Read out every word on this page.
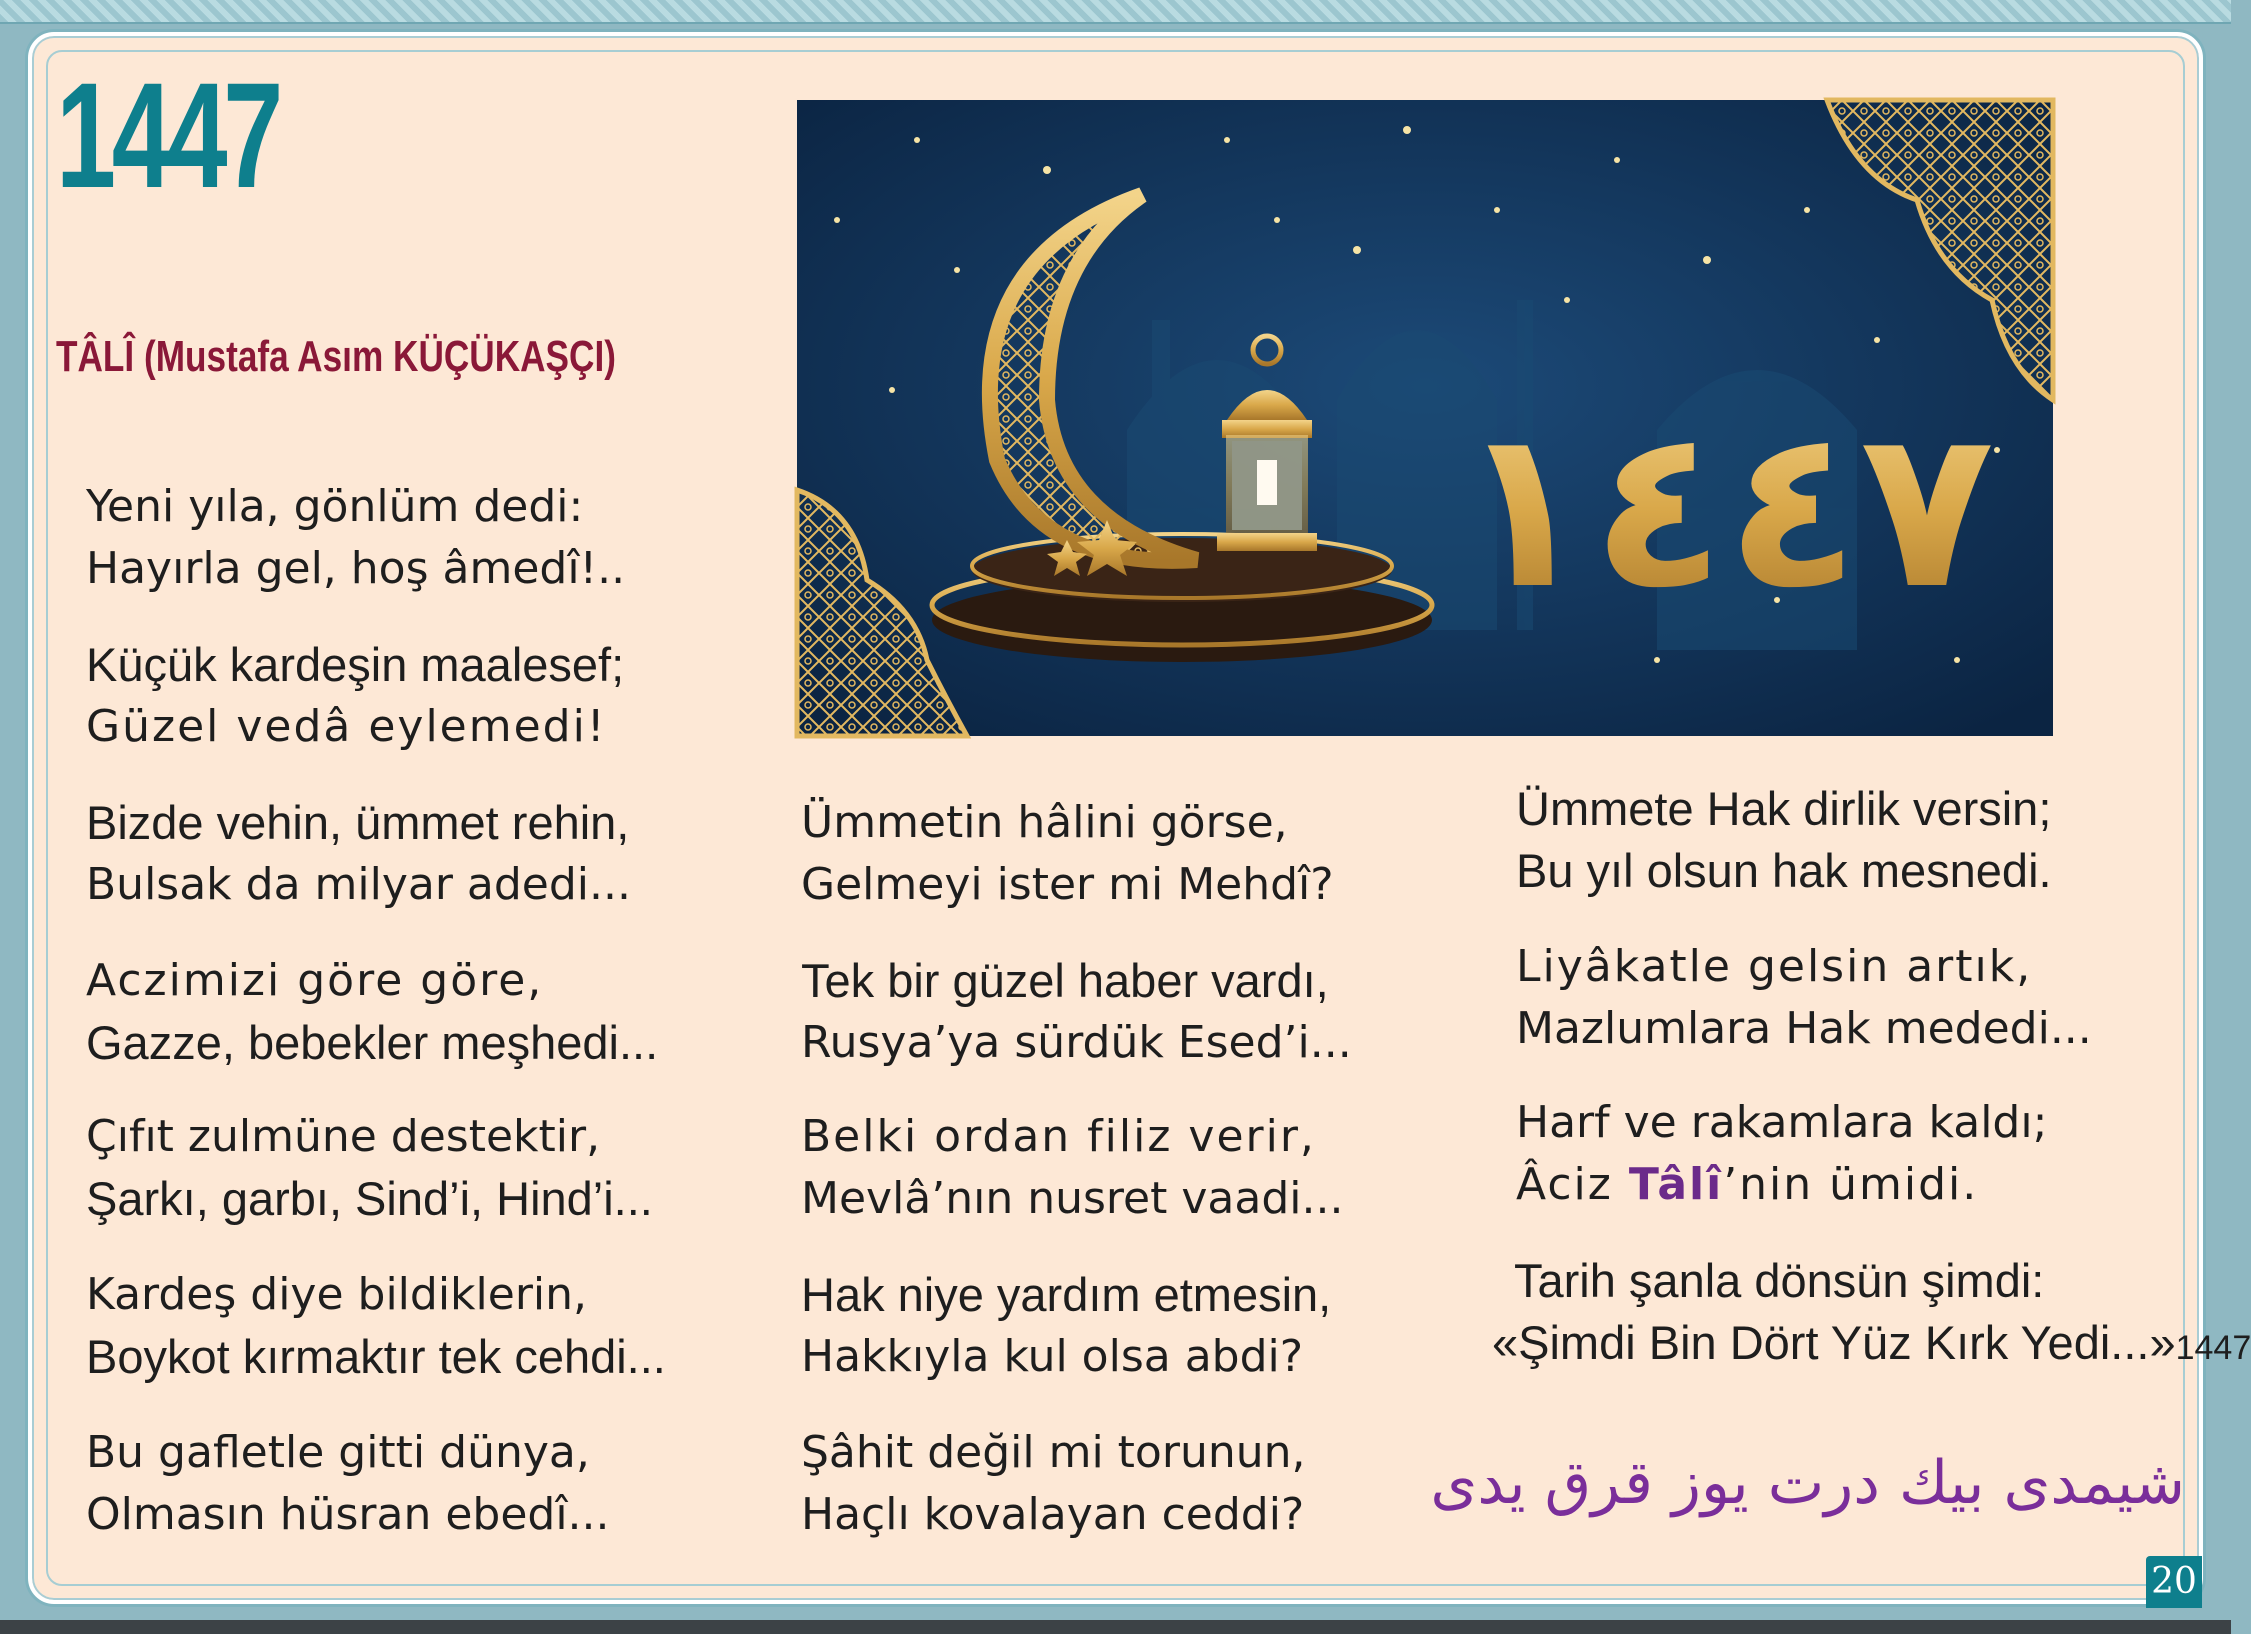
1447
TÂLÎ (Mustafa Asım KÜÇÜKAŞÇI)
١٤٤٧
Yeni yıla, gönlüm dedi:
Hayırla gel, hoş âmedî!..
Küçük kardeşin maalesef;
Güzel vedâ eylemedi!
Bizde vehin, ümmet rehin,
Bulsak da milyar adedi...
Aczimizi göre göre,
Gazze, bebekler meşhedi...
Çıfıt zulmüne destektir,
Şarkı, garbı, Sind’i, Hind’i...
Kardeş diye bildiklerin,
Boykot kırmaktır tek cehdi...
Bu gafletle gitti dünya,
Olmasın hüsran ebedî...
Ümmetin hâlini görse,
Gelmeyi ister mi Mehdî?
Tek bir güzel haber vardı,
Rusya’ya sürdük Esed’i...
Belki ordan filiz verir,
Mevlâ’nın nusret vaadi...
Hak niye yardım etmesin,
Hakkıyla kul olsa abdi?
Şâhit değil mi torunun,
Haçlı kovalayan ceddi?
Ümmete Hak dirlik versin;
Bu yıl olsun hak mesnedi.
Liyâkatle gelsin artık,
Mazlumlara Hak mededi...
Harf ve rakamlara kaldı;
Âciz Tâlî’nin ümidi.
Tarih şanla dönsün şimdi:
«Şimdi Bin Dört Yüz Kırk Yedi...»1447
شیمدی بیك درت یوز قرق یدی
20
